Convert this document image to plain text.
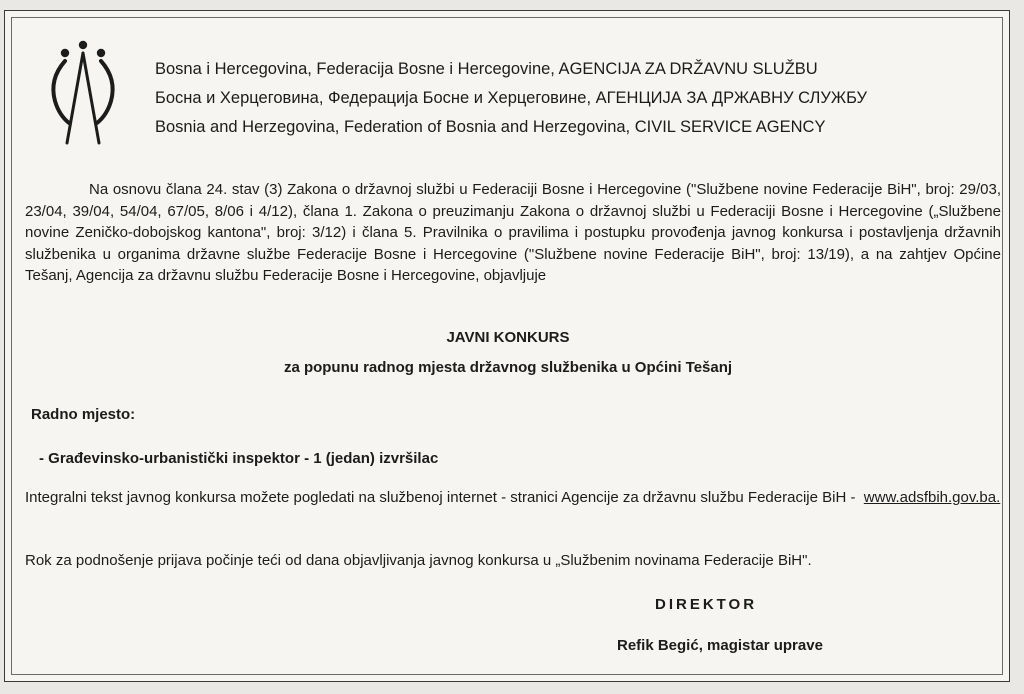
Bosna i Hercegovina, Federacija Bosne i Hercegovine, AGENCIJA ZA DRŽAVNU SLUŽBU
Босна и Херцеговина, Федерација Босне и Херцеговине, АГЕНЦИЈА ЗА ДРЖАВНУ СЛУЖБУ
Bosnia and Herzegovina, Federation of Bosnia and Herzegovina, CIVIL SERVICE AGENCY
Na osnovu člana 24. stav (3) Zakona o državnoj službi u Federaciji Bosne i Hercegovine ("Službene novine Federacije BiH", broj: 29/03, 23/04, 39/04, 54/04, 67/05, 8/06 i 4/12), člana 1. Zakona o preuzimanju Zakona o državnoj službi u Federaciji Bosne i Hercegovine („Službene novine Zeničko-dobojskog kantona", broj: 3/12) i člana 5. Pravilnika o pravilima i postupku provođenja javnog konkursa i postavljenja državnih službenika u organima državne službe Federacije Bosne i Hercegovine ("Službene novine Federacije BiH", broj: 13/19), a na zahtjev Općine Tešanj, Agencija za državnu službu Federacije Bosne i Hercegovine, objavljuje
JAVNI KONKURS
za popunu radnog mjesta državnog službenika u Općini Tešanj
Radno mjesto:
- Građevinsko-urbanistički inspektor - 1 (jedan) izvršilac
Integralni tekst javnog konkursa možete pogledati na službenoj internet - stranici Agencije za državnu službu Federacije BiH - www.adsfbih.gov.ba.
Rok za podnošenje prijava počinje teći od dana objavljivanja javnog konkursa u „Službenim novinama Federacije BiH".
DIREKTOR
Refik Begić, magistar uprave
